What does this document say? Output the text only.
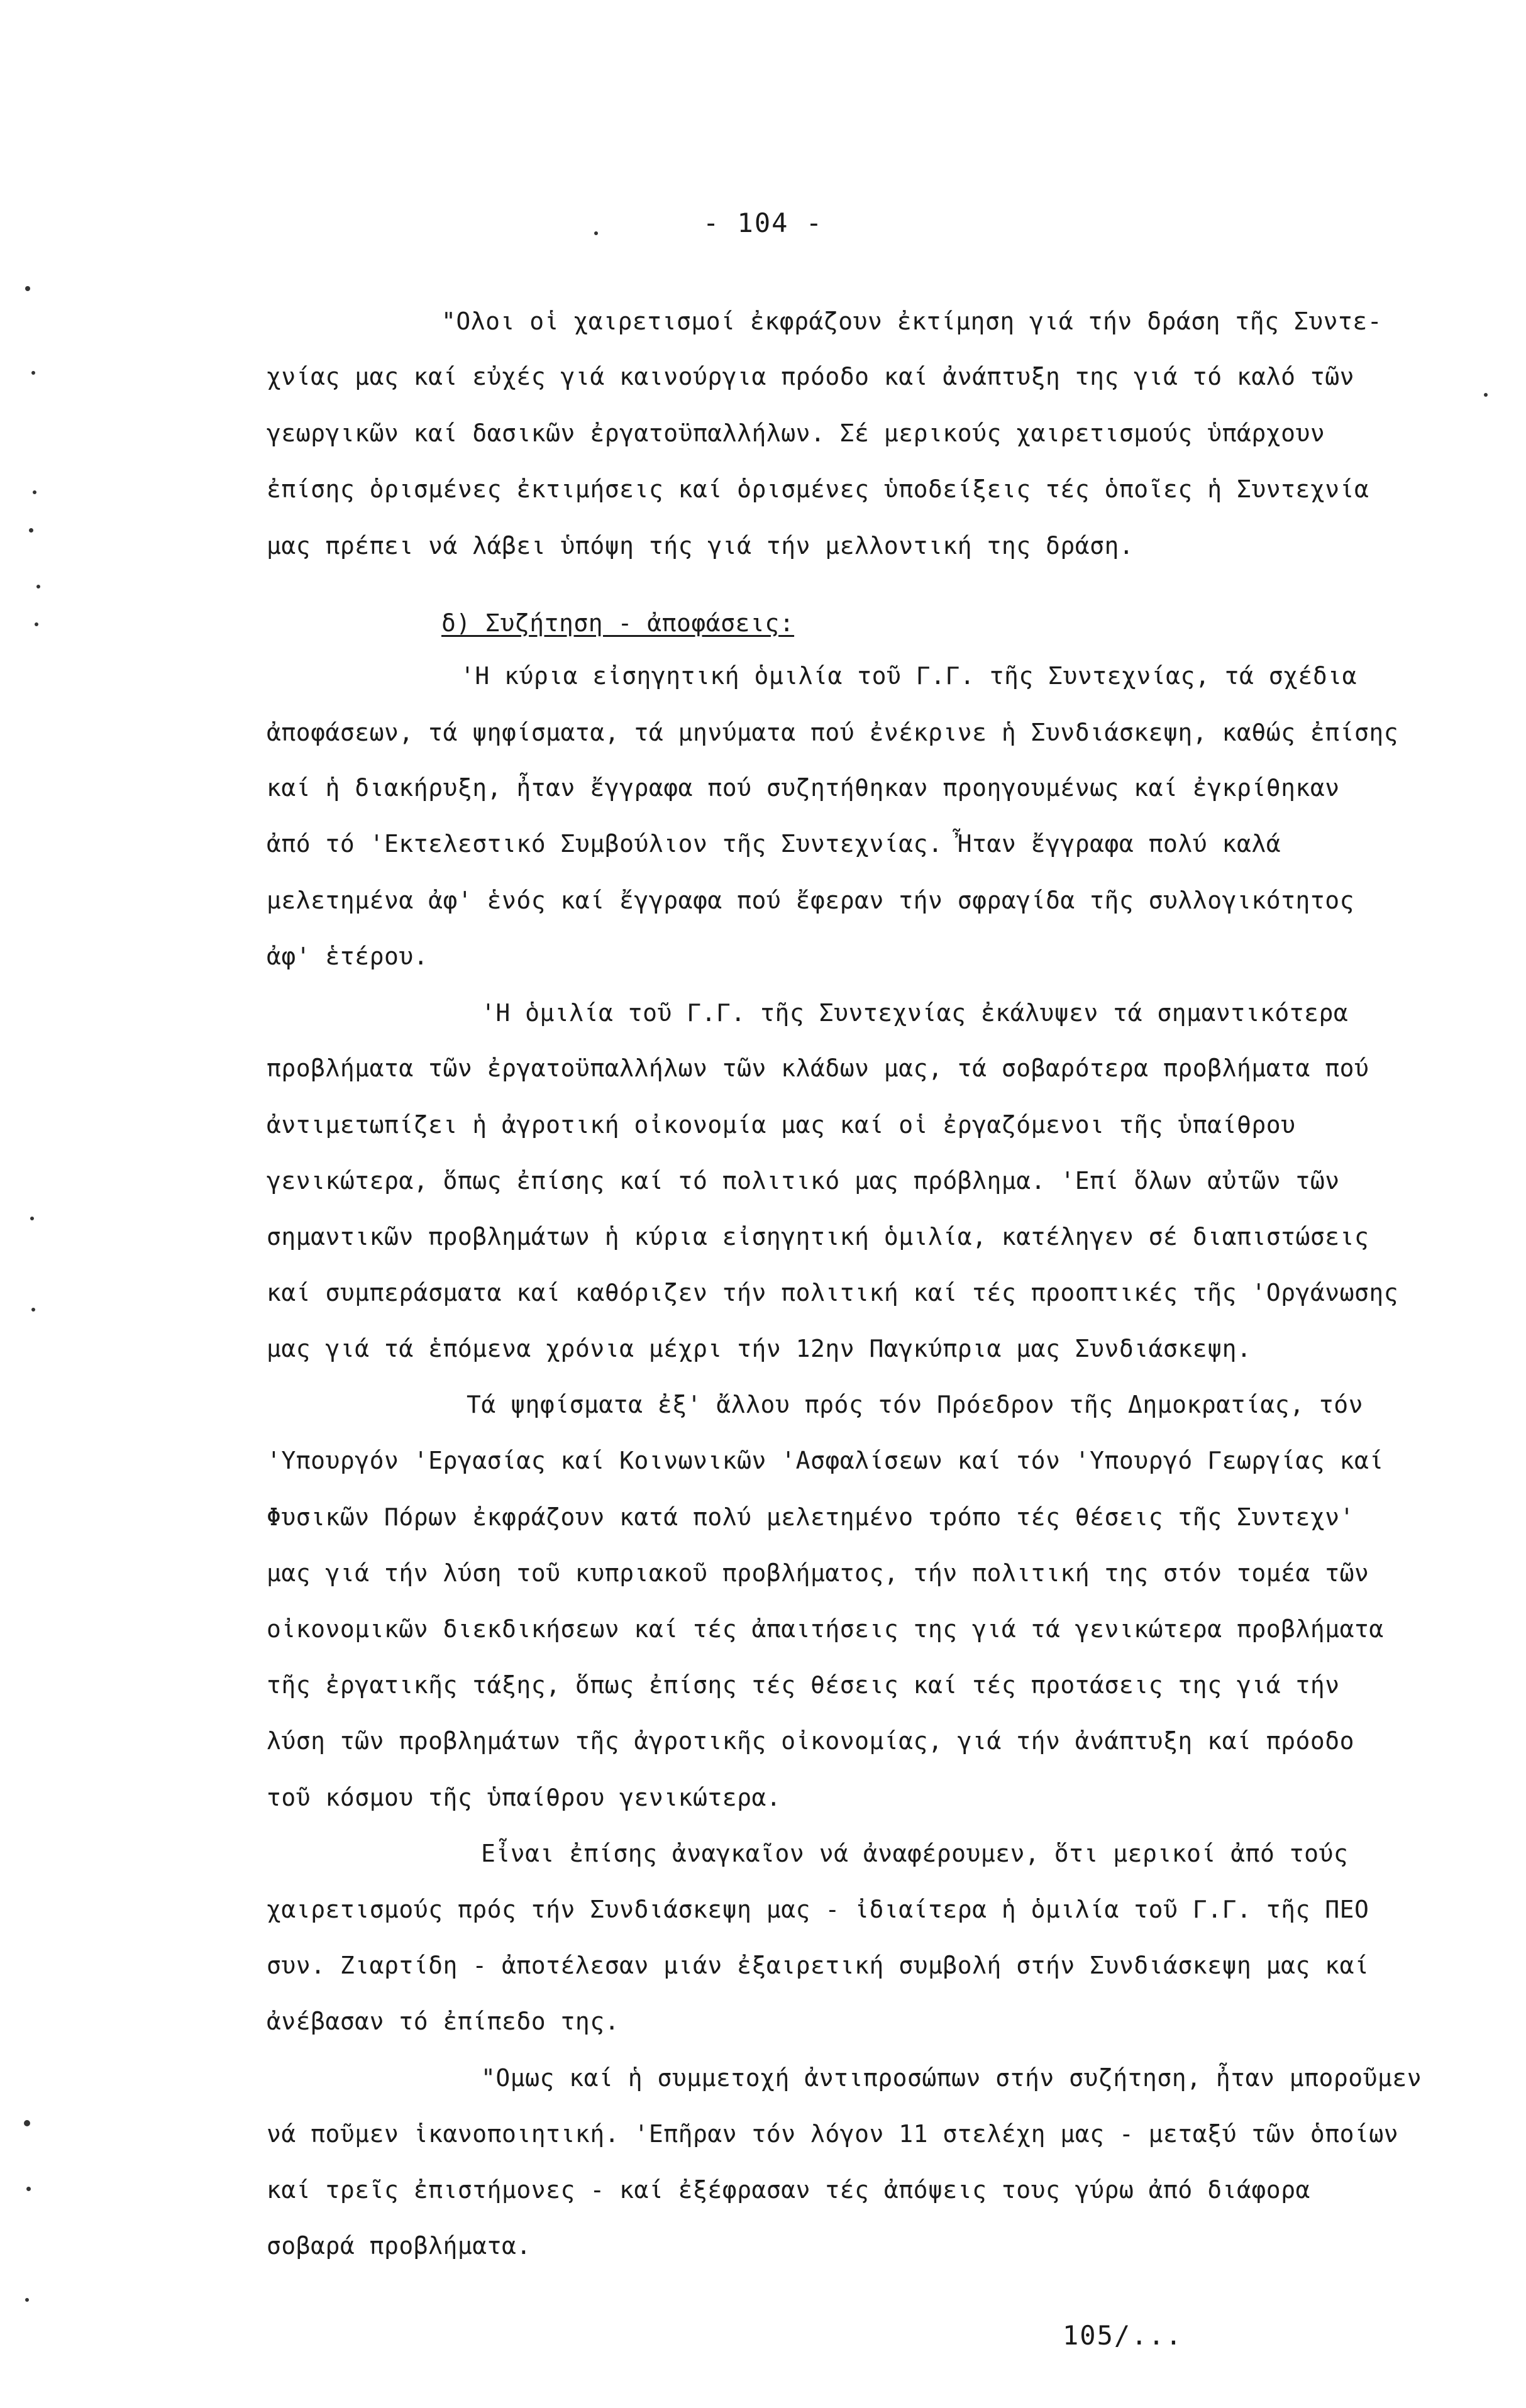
- 104 -
"Ολοι οἱ χαιρετισμοί ἐκφράζουν ἐκτίμηση γιά τήν δράση τῆς Συντε-
χνίας μας καί εὐχές γιά καινούργια πρόοδο καί ἀνάπτυξη της γιά τό καλό τῶν
γεωργικῶν καί δασικῶν ἐργατοϋπαλλήλων. Σέ μερικούς χαιρετισμούς ὑπάρχουν
ἐπίσης ὁρισμένες ἐκτιμήσεις καί ὁρισμένες ὑποδείξεις τές ὁποῖες ἡ Συντεχνία
μας πρέπει νά λάβει ὑπόψη τής γιά τήν μελλοντική της δράση.
δ) Συζήτηση - ἀποφάσεις:
'Η κύρια εἰσηγητική ὁμιλία τοῦ Γ.Γ. τῆς Συντεχνίας, τά σχέδια
ἀποφάσεων, τά ψηφίσματα, τά μηνύματα πού ἐνέκρινε ἡ Συνδιάσκεψη, καθώς ἐπίσης
καί ἡ διακήρυξη, ἦταν ἔγγραφα πού συζητήθηκαν προηγουμένως καί ἐγκρίθηκαν
ἀπό τό 'Εκτελεστικό Συμβούλιον τῆς Συντεχνίας. Ἦταν ἔγγραφα πολύ καλά
μελετημένα ἀφ' ἑνός καί ἔγγραφα πού ἔφεραν τήν σφραγίδα τῆς συλλογικότητος
ἀφ' ἑτέρου.
'Η ὁμιλία τοῦ Γ.Γ. τῆς Συντεχνίας ἐκάλυψεν τά σημαντικότερα
προβλήματα τῶν ἐργατοϋπαλλήλων τῶν κλάδων μας, τά σοβαρότερα προβλήματα πού
ἀντιμετωπίζει ἡ ἀγροτική οἰκονομία μας καί οἱ ἐργαζόμενοι τῆς ὑπαίθρου
γενικώτερα, ὅπως ἐπίσης καί τό πολιτικό μας πρόβλημα. 'Επί ὅλων αὐτῶν τῶν
σημαντικῶν προβλημάτων ἡ κύρια εἰσηγητική ὁμιλία, κατέληγεν σέ διαπιστώσεις
καί συμπεράσματα καί καθόριζεν τήν πολιτική καί τές προοπτικές τῆς 'Οργάνωσης
μας γιά τά ἑπόμενα χρόνια μέχρι τήν 12ην Παγκύπρια μας Συνδιάσκεψη.
Τά ψηφίσματα ἐξ' ἄλλου πρός τόν Πρόεδρον τῆς Δημοκρατίας, τόν
'Υπουργόν 'Εργασίας καί Κοινωνικῶν 'Ασφαλίσεων καί τόν 'Υπουργό Γεωργίας καί
Φυσικῶν Πόρων ἐκφράζουν κατά πολύ μελετημένο τρόπο τές θέσεις τῆς Συντεχν'
μας γιά τήν λύση τοῦ κυπριακοῦ προβλήματος, τήν πολιτική της στόν τομέα τῶν
οἰκονομικῶν διεκδικήσεων καί τές ἀπαιτήσεις της γιά τά γενικώτερα προβλήματα
τῆς ἐργατικῆς τάξης, ὅπως ἐπίσης τές θέσεις καί τές προτάσεις της γιά τήν
λύση τῶν προβλημάτων τῆς ἀγροτικῆς οἰκονομίας, γιά τήν ἀνάπτυξη καί πρόοδο
τοῦ κόσμου τῆς ὑπαίθρου γενικώτερα.
Εἶναι ἐπίσης ἀναγκαῖον νά ἀναφέρουμεν, ὅτι μερικοί ἀπό τούς
χαιρετισμούς πρός τήν Συνδιάσκεψη μας - ἰδιαίτερα ἡ ὁμιλία τοῦ Γ.Γ. τῆς ΠΕΟ
συν. Ζιαρτίδη - ἀποτέλεσαν μιάν ἐξαιρετική συμβολή στήν Συνδιάσκεψη μας καί
ἀνέβασαν τό ἐπίπεδο της.
"Ομως καί ἡ συμμετοχή ἀντιπροσώπων στήν συζήτηση, ἦταν μποροῦμεν
νά ποῦμεν ἱκανοποιητική. 'Επῆραν τόν λόγον 11 στελέχη μας - μεταξύ τῶν ὁποίων
καί τρεῖς ἐπιστήμονες - καί ἐξέφρασαν τές ἀπόψεις τους γύρω ἀπό διάφορα
σοβαρά προβλήματα.
105/...
